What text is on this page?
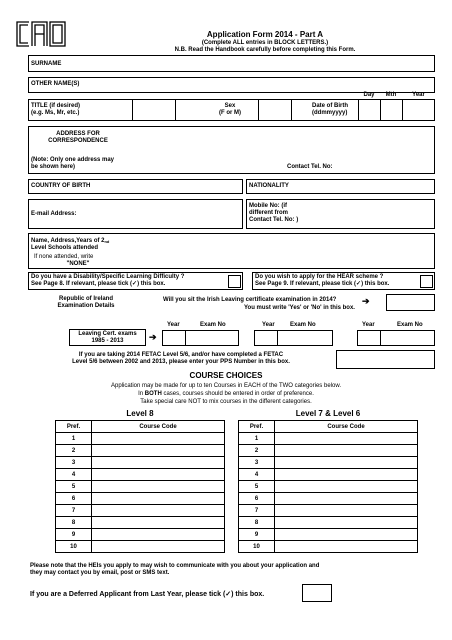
Application Form 2014 - Part A
(Complete ALL entries in BLOCK LETTERS.)
N.B. Read the Handbook carefully before completing this Form.
SURNAME
OTHER NAME(S)
TITLE (if desired)
(e.g. Ms, Mr, etc.)
Sex
(F or M)
Date of Birth
(ddmmyyyy)
Day	Mth	Year
ADDRESS FOR
CORRESPONDENCE
(Note: Only one address may
be shown here)	Contact Tel. No:
COUNTRY OF BIRTH	NATIONALITY
E-mail Address:
Mobile No: (if
different from
Contact Tel. No: )
Name, Address,Years of 2nd
Level Schools attended
If none attended, write
"NONE"
Do you have a Disability/Specific Learning Difficulty ?
See Page 8. If relevant, please tick (✓) this box.
Do you wish to apply for the HEAR scheme ?
See Page 9. If relevant, please tick (✓) this box.
Republic of Ireland
Examination Details
Will you sit the Irish Leaving certificate examination in 2014?
You must write 'Yes' or 'No' in this box.
➔
Leaving Cert. exams
1985 - 2013	➔
Year	Exam No	Year	Exam No	Year	Exam No
If you are taking 2014 FETAC Level 5/6, and/or have completed a FETAC
Level 5/6 between 2002 and 2013, please enter your PPS Number in this box.
COURSE CHOICES
Application may be made for up to ten Courses in EACH of the TWO categories below.
In BOTH cases, courses should be entered in order of preference.
Take special care NOT to mix courses in the different categories.
Level 8	Level 7 & Level 6
Pref.	Course Code
1	
2	
3	
4	
5	
6	
7	
8	
9	
10	
Pref.	Course Code
1	
2	
3	
4	
5	
6	
7	
8	
9	
10	
Please note that the HEIs you apply to may wish to communicate with you about your application and
they may contact you by email, post or SMS text.
If you are a Deferred Applicant from Last Year, please tick (✓) this box.
